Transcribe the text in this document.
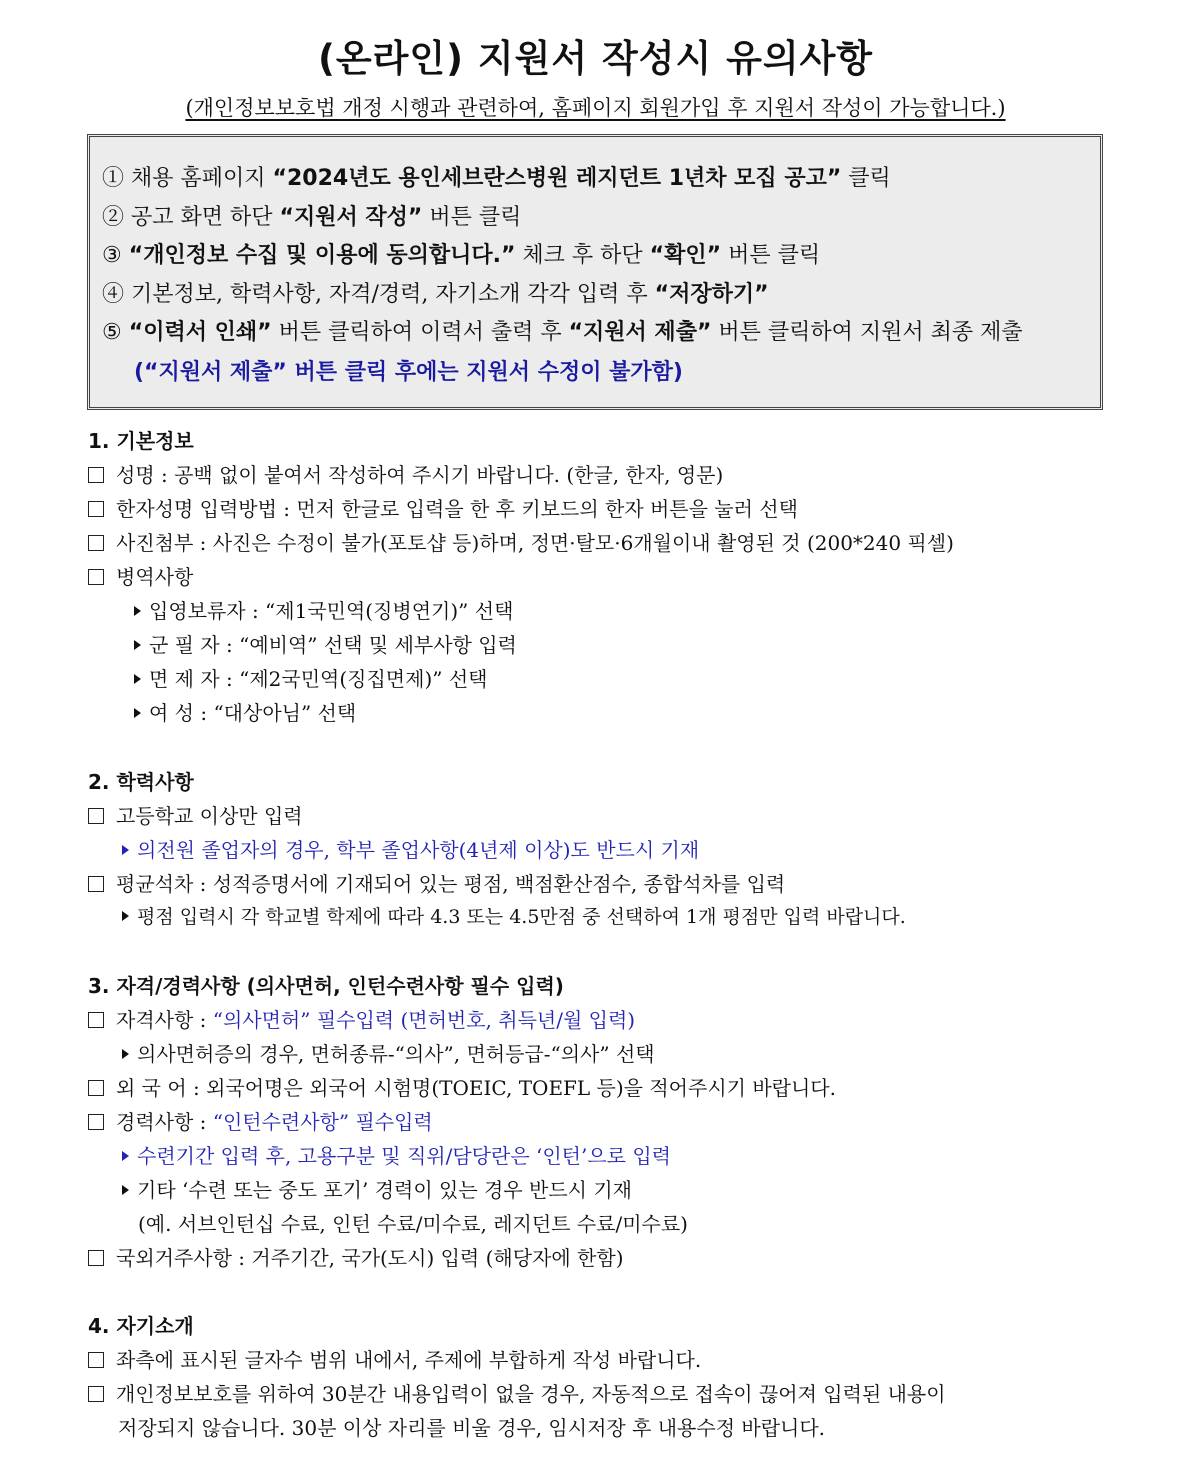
(온라인) 지원서 작성시 유의사항
(개인정보보호법 개정 시행과 관련하여, 홈페이지 회원가입 후 지원서 작성이 가능합니다.)
① 채용 홈페이지 “2024년도 용인세브란스병원 레지던트 1년차 모집 공고” 클릭
② 공고 화면 하단 “지원서 작성” 버튼 클릭
③ “개인정보 수집 및 이용에 동의합니다.” 체크 후 하단 “확인” 버튼 클릭
④ 기본정보, 학력사항, 자격/경력, 자기소개 각각 입력 후 “저장하기”
⑤ “이력서 인쇄” 버튼 클릭하여 이력서 출력 후 “지원서 제출” 버튼 클릭하여 지원서 최종 제출
(“지원서 제출” 버튼 클릭 후에는 지원서 수정이 불가함)
1. 기본정보
성명 : 공백 없이 붙여서 작성하여 주시기 바랍니다. (한글, 한자, 영문)
한자성명 입력방법 : 먼저 한글로 입력을 한 후 키보드의 한자 버튼을 눌러 선택
사진첨부 : 사진은 수정이 불가(포토샵 등)하며, 정면·탈모·6개월이내 촬영된 것 (200*240 픽셀)
병역사항
입영보류자 : “제1국민역(징병연기)” 선택
군 필 자 : “예비역” 선택 및 세부사항 입력
면 제 자 : “제2국민역(징집면제)” 선택
여 성 : “대상아님” 선택
2. 학력사항
고등학교 이상만 입력
의전원 졸업자의 경우, 학부 졸업사항(4년제 이상)도 반드시 기재
평균석차 : 성적증명서에 기재되어 있는 평점, 백점환산점수, 종합석차를 입력
평점 입력시 각 학교별 학제에 따라 4.3 또는 4.5만점 중 선택하여 1개 평점만 입력 바랍니다.
3. 자격/경력사항 (의사면허, 인턴수련사항 필수 입력)
자격사항 : “의사면허” 필수입력 (면허번호, 취득년/월 입력)
의사면허증의 경우, 면허종류-“의사”, 면허등급-“의사” 선택
외 국 어 : 외국어명은 외국어 시험명(TOEIC, TOEFL 등)을 적어주시기 바랍니다.
경력사항 : “인턴수련사항” 필수입력
수련기간 입력 후, 고용구분 및 직위/담당란은 ‘인턴’으로 입력
기타 ‘수련 또는 중도 포기’ 경력이 있는 경우 반드시 기재
(예. 서브인턴십 수료, 인턴 수료/미수료, 레지던트 수료/미수료)
국외거주사항 : 거주기간, 국가(도시) 입력 (해당자에 한함)
4. 자기소개
좌측에 표시된 글자수 범위 내에서, 주제에 부합하게 작성 바랍니다.
개인정보보호를 위하여 30분간 내용입력이 없을 경우, 자동적으로 접속이 끊어져 입력된 내용이
저장되지 않습니다. 30분 이상 자리를 비울 경우, 임시저장 후 내용수정 바랍니다.
